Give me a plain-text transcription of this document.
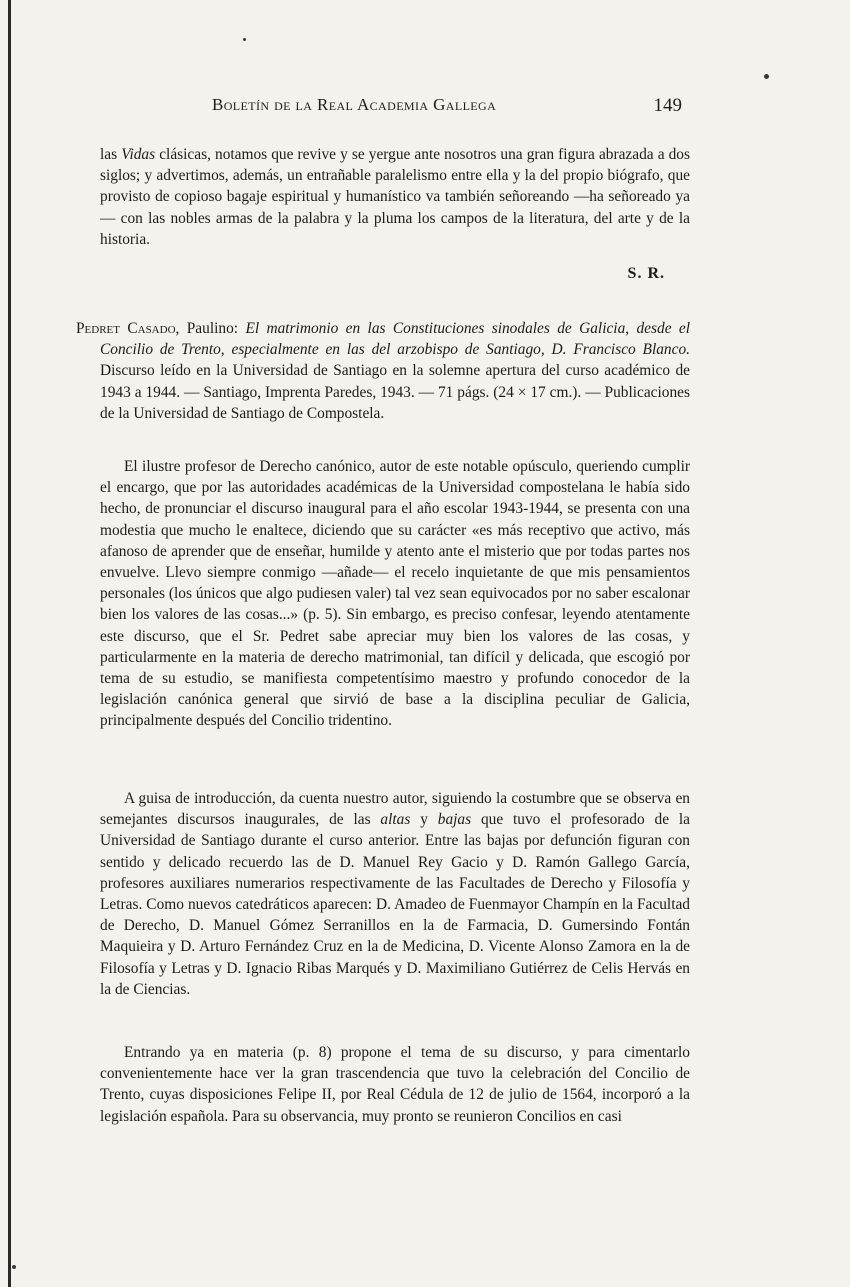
Boletín de la Real Academia Gallega	149

las Vidas clásicas, notamos que revive y se yergue ante nosotros una gran figura abrazada a dos siglos; y advertimos, además, un entrañable paralelismo entre ella y la del propio biógrafo, que provisto de copioso bagaje espiritual y humanístico va también señoreando —ha señoreado ya— con las nobles armas de la palabra y la pluma los campos de la literatura, del arte y de la historia.

S. R.

Pedret Casado, Paulino: El matrimonio en las Constituciones sinodales de Galicia, desde el Concilio de Trento, especialmente en las del arzobispo de Santiago, D. Francisco Blanco. Discurso leído en la Universidad de Santiago en la solemne apertura del curso académico de 1943 a 1944. — Santiago, Imprenta Paredes, 1943. — 71 págs. (24 × 17 cm.). — Publicaciones de la Universidad de Santiago de Compostela.

El ilustre profesor de Derecho canónico, autor de este notable opúsculo, queriendo cumplir el encargo, que por las autoridades académicas de la Universidad compostelana le había sido hecho, de pronunciar el discurso inaugural para el año escolar 1943-1944, se presenta con una modestia que mucho le enaltece, diciendo que su carácter «es más receptivo que activo, más afanoso de aprender que de enseñar, humilde y atento ante el misterio que por todas partes nos envuelve. Llevo siempre conmigo —añade— el recelo inquietante de que mis pensamientos personales (los únicos que algo pudiesen valer) tal vez sean equivocados por no saber escalonar bien los valores de las cosas...» (p. 5). Sin embargo, es preciso confesar, leyendo atentamente este discurso, que el Sr. Pedret sabe apreciar muy bien los valores de las cosas, y particularmente en la materia de derecho matrimonial, tan difícil y delicada, que escogió por tema de su estudio, se manifiesta competentísimo maestro y profundo conocedor de la legislación canónica general que sirvió de base a la disciplina peculiar de Galicia, principalmente después del Concilio tridentino.

A guisa de introducción, da cuenta nuestro autor, siguiendo la costumbre que se observa en semejantes discursos inaugurales, de las altas y bajas que tuvo el profesorado de la Universidad de Santiago durante el curso anterior. Entre las bajas por defunción figuran con sentido y delicado recuerdo las de D. Manuel Rey Gacio y D. Ramón Gallego García, profesores auxiliares numerarios respectivamente de las Facultades de Derecho y Filosofía y Letras. Como nuevos catedráticos aparecen: D. Amadeo de Fuenmayor Champín en la Facultad de Derecho, D. Manuel Gómez Serranillos en la de Farmacia, D. Gumersindo Fontán Maquieira y D. Arturo Fernández Cruz en la de Medicina, D. Vicente Alonso Zamora en la de Filosofía y Letras y D. Ignacio Ribas Marqués y D. Maximiliano Gutiérrez de Celis Hervás en la de Ciencias.

Entrando ya en materia (p. 8) propone el tema de su discurso, y para cimentarlo convenientemente hace ver la gran trascendencia que tuvo la celebración del Concilio de Trento, cuyas disposiciones Felipe II, por Real Cédula de 12 de julio de 1564, incorporó a la legislación española. Para su observancia, muy pronto se reunieron Concilios en casi
